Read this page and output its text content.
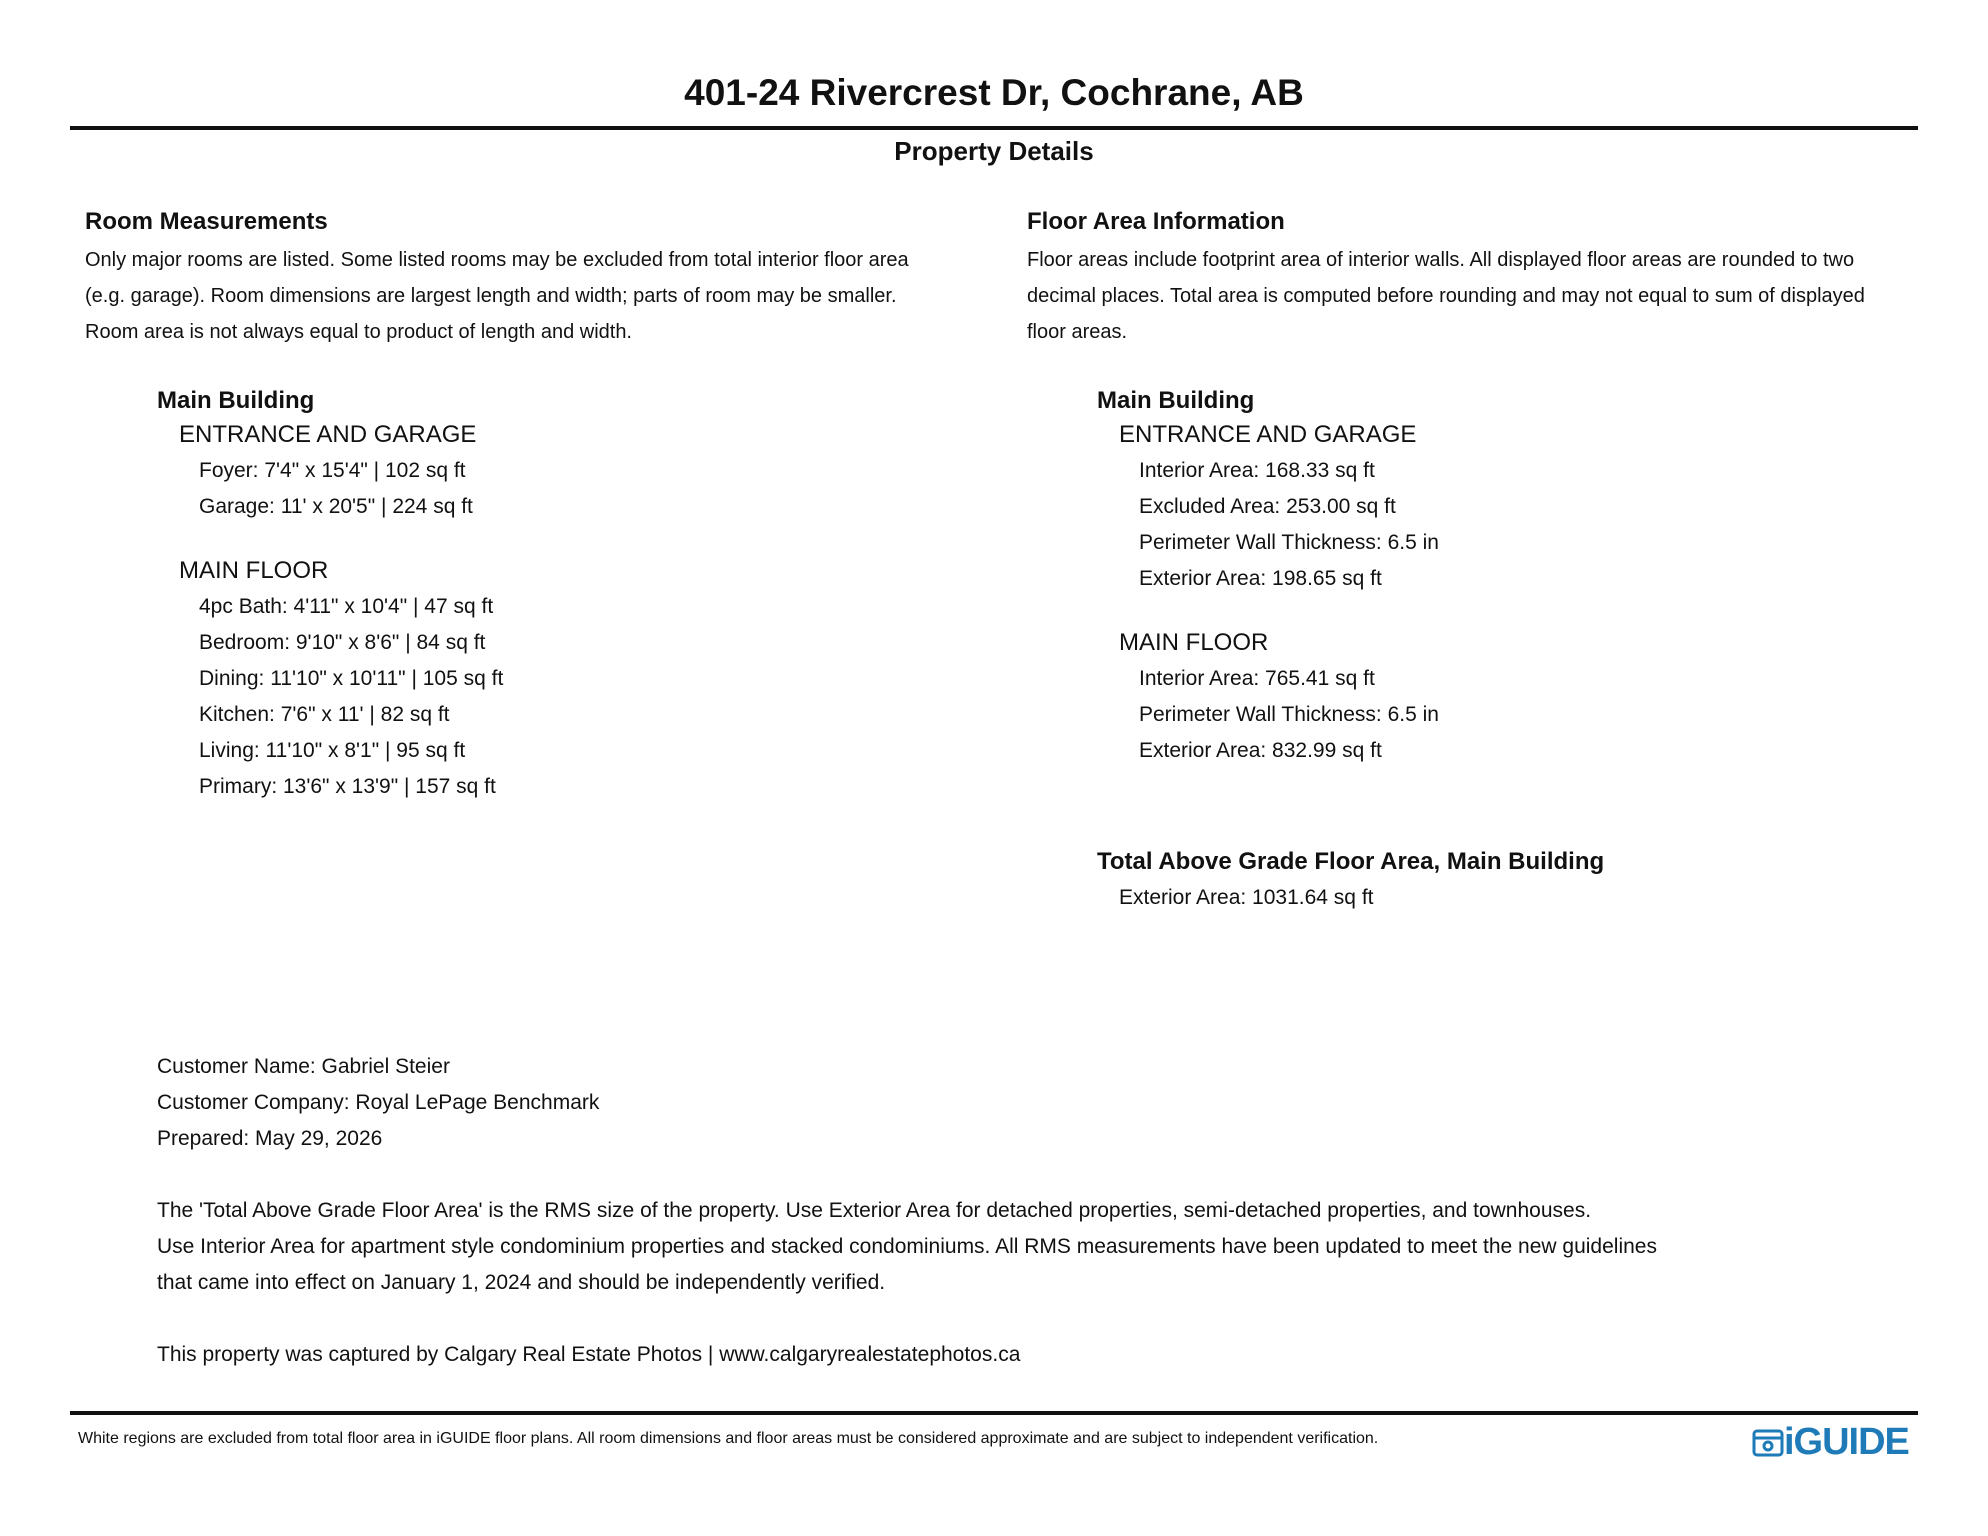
401-24 Rivercrest Dr, Cochrane, AB
Property Details
Room Measurements
Only major rooms are listed. Some listed rooms may be excluded from total interior floor area
(e.g. garage). Room dimensions are largest length and width; parts of room may be smaller.
Room area is not always equal to product of length and width.
Main Building
ENTRANCE AND GARAGE

Foyer: 7'4" x 15'4" | 102 sq ft

Garage: 11' x 20'5" | 224 sq ft

MAIN FLOOR

4pc Bath: 4'11" x 10'4" | 47 sq ft

Bedroom: 9'10" x 8'6" | 84 sq ft

Dining: 11'10" x 10'11" | 105 sq ft

Kitchen: 7'6" x 11' | 82 sq ft

Living: 11'10" x 8'1" | 95 sq ft

Primary: 13'6" x 13'9" | 157 sq ft

Floor Area Information
Floor areas include footprint area of interior walls. All displayed floor areas are rounded to two
decimal places. Total area is computed before rounding and may not equal to sum of displayed
floor areas.
Main Building
ENTRANCE AND GARAGE

Interior Area: 168.33 sq ft

Excluded Area: 253.00 sq ft

Perimeter Wall Thickness: 6.5 in

Exterior Area: 198.65 sq ft

MAIN FLOOR

Interior Area: 765.41 sq ft

Perimeter Wall Thickness: 6.5 in

Exterior Area: 832.99 sq ft

Total Above Grade Floor Area, Main Building

Exterior Area: 1031.64 sq ft

Customer Name: Gabriel Steier

Customer Company: Royal LePage Benchmark

Prepared: May 29, 2026

The 'Total Above Grade Floor Area' is the RMS size of the property. Use Exterior Area for detached properties, semi-detached properties, and townhouses.
Use Interior Area for apartment style condominium properties and stacked condominiums. All RMS measurements have been updated to meet the new guidelines
that came into effect on January 1, 2024 and should be independently verified.
This property was captured by Calgary Real Estate Photos | www.calgaryrealestatephotos.ca
White regions are excluded from total floor area in iGUIDE floor plans. All room dimensions and floor areas must be considered approximate and are subject to independent verification.	iGUIDE
